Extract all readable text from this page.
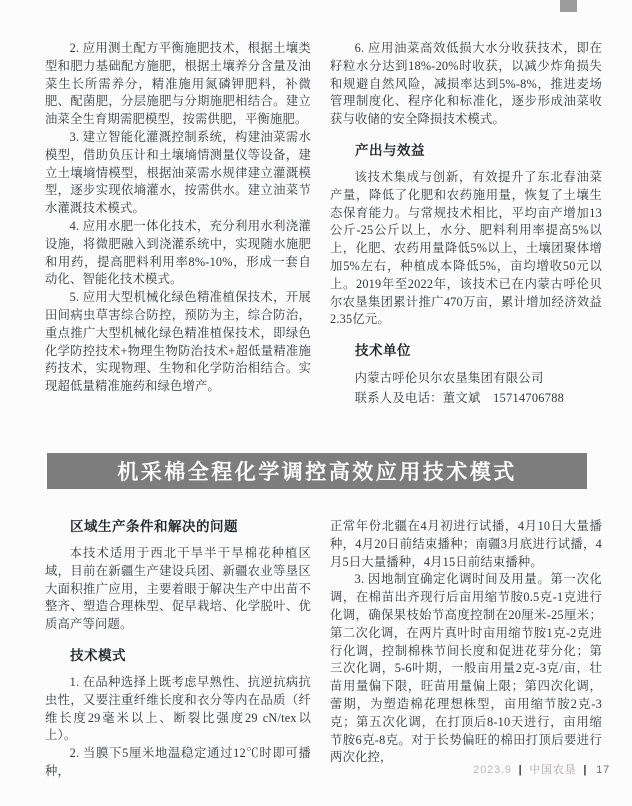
2. 应用测土配方平衡施肥技术，根据土壤类型和肥力基础配方施肥，根据土壤养分含量及油菜生长所需养分，精准施用氮磷钾肥料，补微肥、配菌肥，分层施肥与分期施肥相结合。建立油菜全生育期需肥模型，按需供肥，平衡施肥。

3. 建立智能化灌溉控制系统，构建油菜需水模型，借助负压计和土壤墒情测量仪等设备，建立土壤墒情模型，根据油菜需水规律建立灌溉模型，逐步实现依墒灌水，按需供水。建立油菜节水灌溉技术模式。

4. 应用水肥一体化技术，充分利用水利浇灌设施，将微肥融入到浇灌系统中，实现随水施肥和用药，提高肥料利用率8%-10%，形成一套自动化、智能化技术模式。

5. 应用大型机械化绿色精准植保技术，开展田间病虫草害综合防控，预防为主，综合防治，重点推广大型机械化绿色精准植保技术，即绿色化学防控技术+物理生物防治技术+超低量精准施药技术，实现物理、生物和化学防治相结合。实现超低量精准施药和绿色增产。

6. 应用油菜高效低损大水分收获技术，即在籽粒水分达到18%-20%时收获，以减少炸角损失和规避自然风险，减损率达到5%-8%，推进麦场管理制度化、程序化和标准化，逐步形成油菜收获与收储的安全降损技术模式。

产出与效益

该技术集成与创新，有效提升了东北春油菜产量，降低了化肥和农药施用量，恢复了土壤生态保育能力。与常规技术相比，平均亩产增加13公斤-25公斤以上，水分、肥料利用率提高5%以上，化肥、农药用量降低5%以上，土壤团聚体增加5%左右，种植成本降低5%，亩均增收50元以上。2019年至2022年，该技术已在内蒙古呼伦贝尔农垦集团累计推广470万亩，累计增加经济效益2.35亿元。

技术单位

内蒙古呼伦贝尔农垦集团有限公司

联系人及电话：董文斌　15714706788

机采棉全程化学调控高效应用技术模式
区域生产条件和解决的问题

本技术适用于西北干旱半干旱棉花种植区域，目前在新疆生产建设兵团、新疆农业等垦区大面积推广应用，主要着眼于解决生产中出苗不整齐、塑造合理株型、促早栽培、化学脱叶、优质高产等问题。

技术模式

1. 在品种选择上既考虑早熟性、抗逆抗病抗虫性，又要注重纤维长度和衣分等内在品质（纤维长度29毫米以上、断裂比强度29 cN/tex以上）。

2. 当膜下5厘米地温稳定通过12℃时即可播种，

正常年份北疆在4月初进行试播，4月10日大量播种，4月20日前结束播种；南疆3月底进行试播，4月5日大量播种，4月15日前结束播种。

3. 因地制宜确定化调时间及用量。第一次化调，在棉苗出齐现行后亩用缩节胺0.5克-1克进行化调，确保果枝始节高度控制在20厘米-25厘米；第二次化调，在两片真叶时亩用缩节胺1克-2克进行化调，控制棉株节间长度和促进花芽分化；第三次化调，5-6叶期，一般亩用量2克-3克/亩，壮苗用量偏下限，旺苗用量偏上限；第四次化调，蕾期，为塑造棉花理想株型，亩用缩节胺2克-3克；第五次化调，在打顶后8-10天进行，亩用缩节胺6克-8克。对于长势偏旺的棉田打顶后要进行两次化控，

2023.9 | 中国农垦 | 17
